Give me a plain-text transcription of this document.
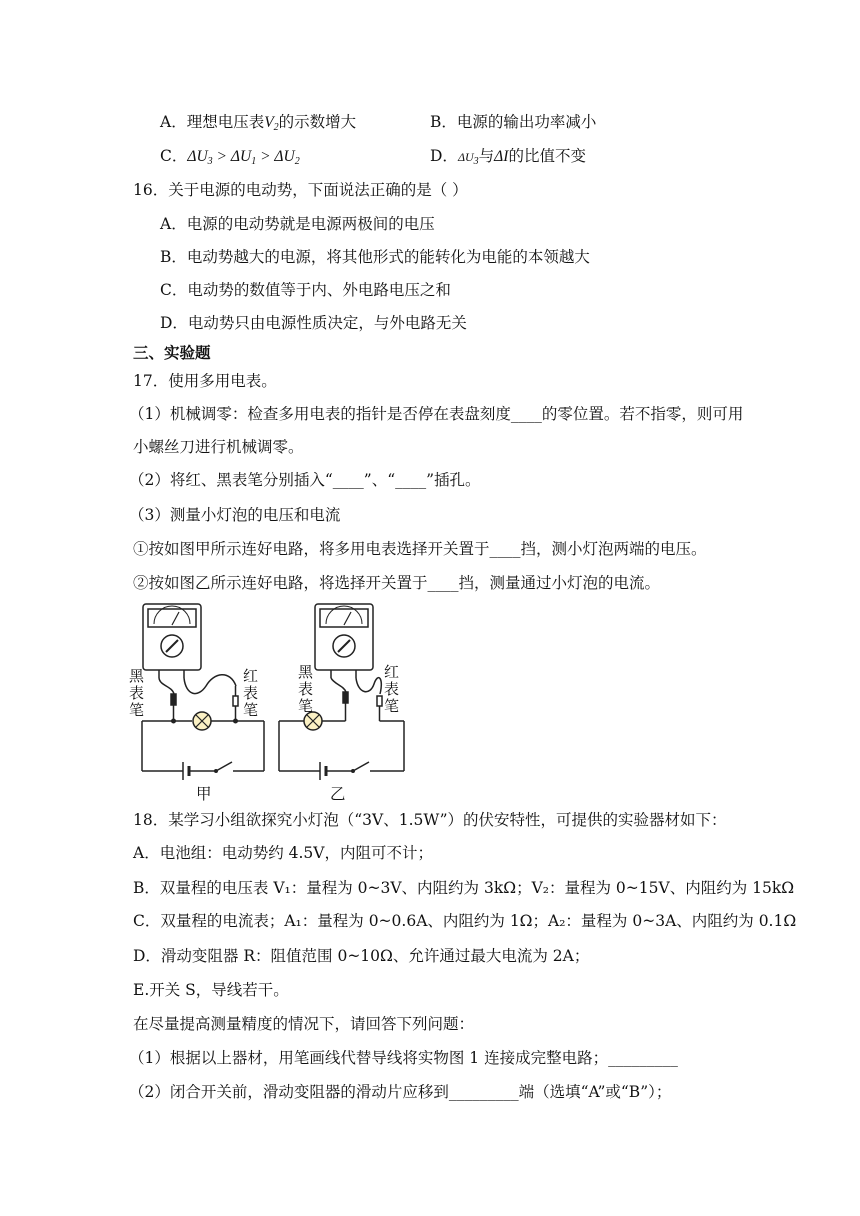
A．理想电压表$V_2$的示数增大	B．电源的输出功率减小
C．$\Delta U_3 > \Delta U_1 > \Delta U_2$	D．$\Delta U_3$与ΔI的比值不变
16．关于电源的电动势，下面说法正确的是（ ）
A．电源的电动势就是电源两极间的电压
B．电动势越大的电源，将其他形式的能转化为电能的本领越大
C．电动势的数值等于内、外电路电压之和
D．电动势只由电源性质决定，与外电路无关
三、实验题
17．使用多用电表。
（1）机械调零：检查多用电表的指针是否停在表盘刻度____的零位置。若不指零，则可用
小螺丝刀进行机械调零。
（2）将红、黑表笔分别插入“____”、“____”插孔。
（3）测量小灯泡的电压和电流
①按如图甲所示连好电路，将多用电表选择开关置于____挡，测小灯泡两端的电压。
②按如图乙所示连好电路，将选择开关置于____挡，测量通过小灯泡的电流。
黑表笔
红表笔
黑表笔
红表笔
甲	乙
18．某学习小组欲探究小灯泡（“3V、1.5W”）的伏安特性，可提供的实验器材如下：
A．电池组：电动势约 4.5V，内阻可不计；
B．双量程的电压表 V₁：量程为 0~3V、内阻约为 3kΩ；V₂：量程为 0~15V、内阻约为 15kΩ
C．双量程的电流表；A₁：量程为 0~0.6A、内阻约为 1Ω；A₂：量程为 0~3A、内阻约为 0.1Ω
D．滑动变阻器 R：阻值范围 0~10Ω、允许通过最大电流为 2A；
E.开关 S，导线若干。
在尽量提高测量精度的情况下，请回答下列问题：
（1）根据以上器材，用笔画线代替导线将实物图 1 连接成完整电路；_________
（2）闭合开关前，滑动变阻器的滑动片应移到_________端（选填“A”或“B”）；
